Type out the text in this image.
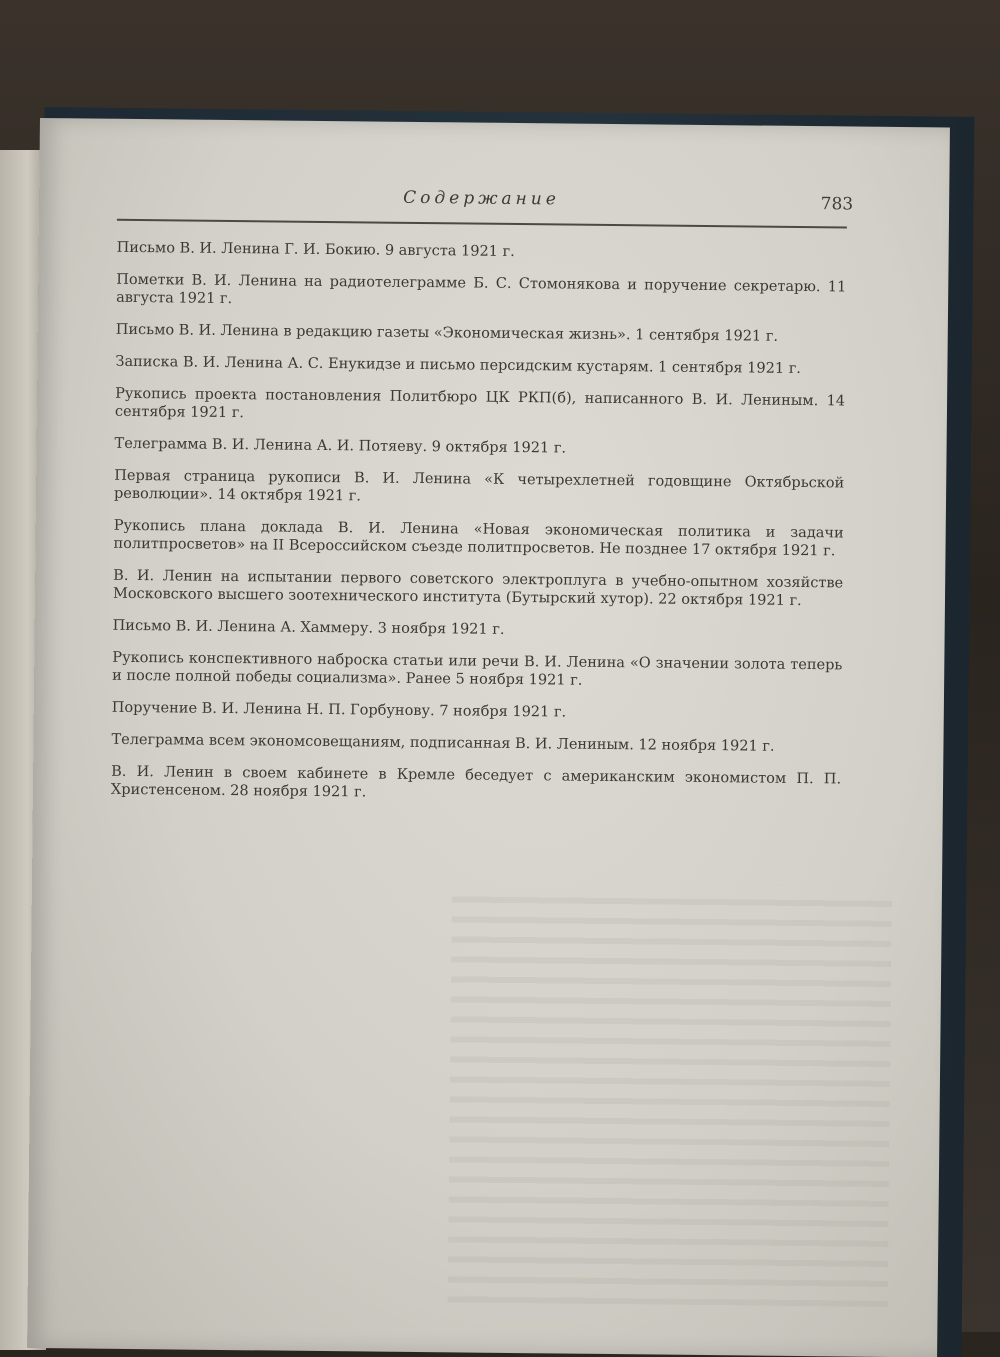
Содержание	783

Письмо В. И. Ленина Г. И. Бокию. 9 августа 1921 г.

Пометки В. И. Ленина на радиотелеграмме Б. С. Стомонякова и поручение секретарю. 11 августа 1921 г.

Письмо В. И. Ленина в редакцию газеты «Экономическая жизнь». 1 сентября 1921 г.

Записка В. И. Ленина А. С. Енукидзе и письмо персидским кустарям. 1 сентября 1921 г.

Рукопись проекта постановления Политбюро ЦК РКП(б), написанного В. И. Лениным. 14 сентября 1921 г.

Телеграмма В. И. Ленина А. И. Потяеву. 9 октября 1921 г.

Первая страница рукописи В. И. Ленина «К четырехлетней годовщине Октябрьской революции». 14 октября 1921 г.

Рукопись плана доклада В. И. Ленина «Новая экономическая политика и задачи политпросветов» на II Всероссийском съезде политпросветов. Не позднее 17 октября 1921 г.

В. И. Ленин на испытании первого советского электроплуга в учебно-опытном хозяйстве Московского высшего зоотехнического института (Бутырский хутор). 22 октября 1921 г.

Письмо В. И. Ленина А. Хаммеру. 3 ноября 1921 г.

Рукопись конспективного наброска статьи или речи В. И. Ленина «О значении золота теперь и после полной победы социализма». Ранее 5 ноября 1921 г.

Поручение В. И. Ленина Н. П. Горбунову. 7 ноября 1921 г.

Телеграмма всем экономсовещаниям, подписанная В. И. Лениным. 12 ноября 1921 г.

В. И. Ленин в своем кабинете в Кремле беседует с американским экономистом П. П. Христенсеном. 28 ноября 1921 г.
